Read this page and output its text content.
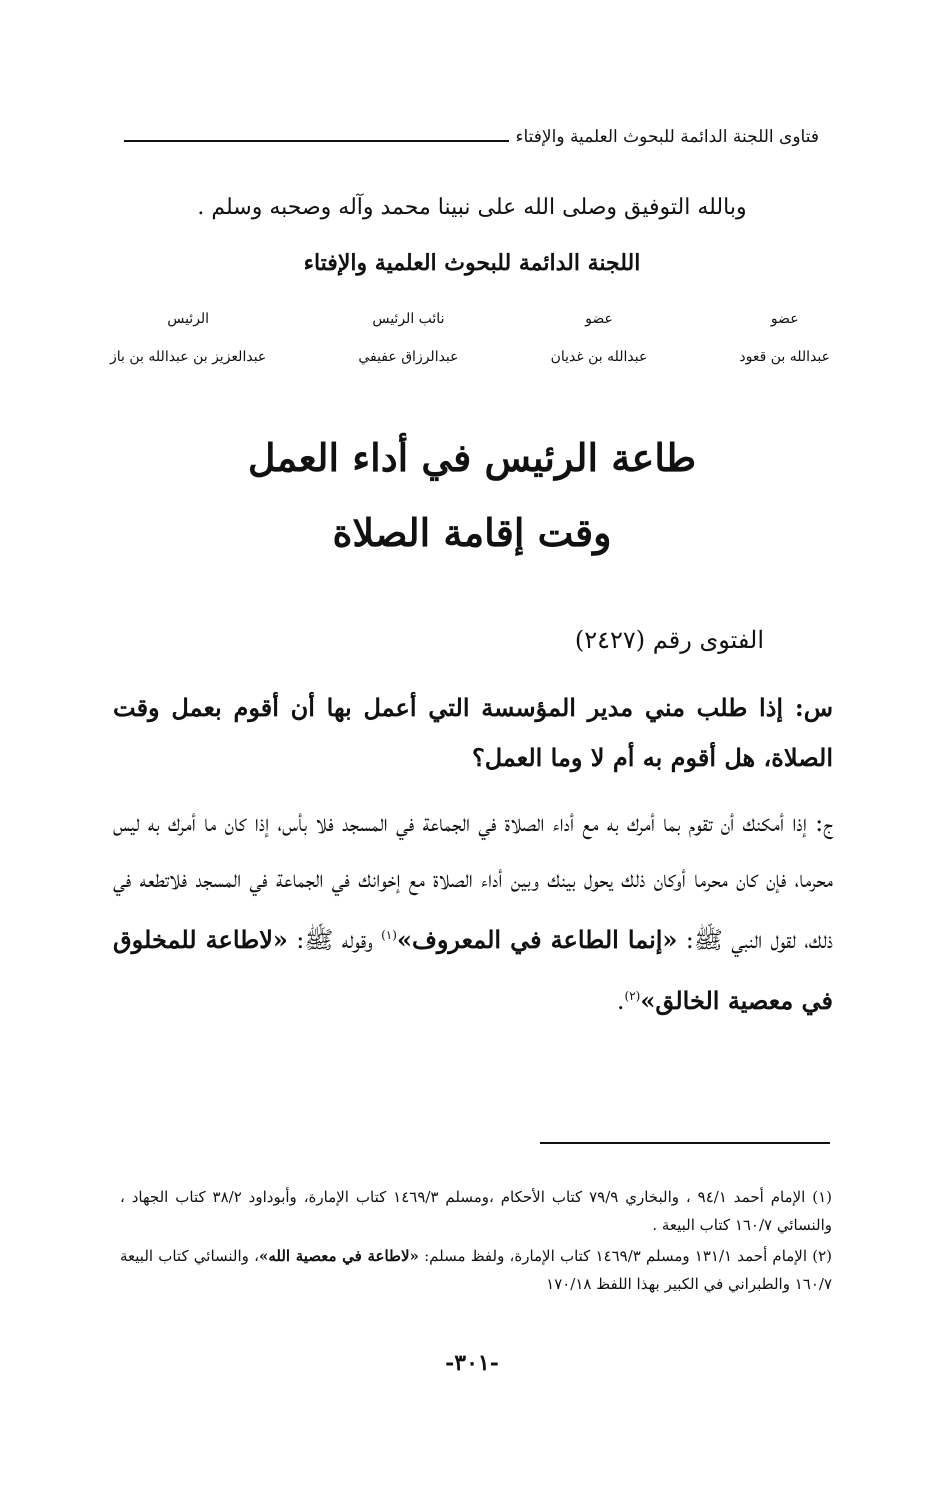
فتاوى اللجنة الدائمة للبحوث العلمية والإفتاء
وبالله التوفيق وصلى الله على نبينا محمد وآله وصحبه وسلم .
اللجنة الدائمة للبحوث العلمية والإفتاء
عضو
عبدالله بن قعود
عضو
عبدالله بن غديان
نائب الرئيس
عبدالرزاق عفيفي
الرئيس
عبدالعزيز بن عبدالله بن باز
طاعة الرئيس في أداء العمل
وقت إقامة الصلاة
الفتوى رقم (٢٤٢٧)
س: إذا طلب مني مدير المؤسسة التي أعمل بها أن أقوم بعمل وقت الصلاة، هل أقوم به أم لا وما العمل؟
ج: إذا أمكنك أن تقوم بما أمرك به مع أداء الصلاة في الجماعة في المسجد فلا بأس، إذا كان ما أمرك به ليس محرما، فإن كان محرما أوكان ذلك يحول بينك وبين أداء الصلاة مع إخوانك في الجماعة في المسجد فلاتطعه في ذلك، لقول النبي ﷺ: «إنما الطاعة في المعروف»$^{(١)}$ وقوله ﷺ: «لاطاعة للمخلوق في معصية الخالق»$^{(٢)}$.

(١) الإمام أحمد ٩٤/١ ، والبخاري ٧٩/٩ كتاب الأحكام ،ومسلم ١٤٦٩/٣ كتاب الإمارة، وأبوداود ٣٨/٢ كتاب الجهاد ، والنسائي ١٦٠/٧ كتاب البيعة .

(٢) الإمام أحمد ١٣١/١ ومسلم ١٤٦٩/٣ كتاب الإمارة، ولفظ مسلم: «لاطاعة في معصية الله»، والنسائي كتاب البيعة ١٦٠/٧ والطبراني في الكبير بهذا اللفظ ١٧٠/١٨

-٣٠١-
